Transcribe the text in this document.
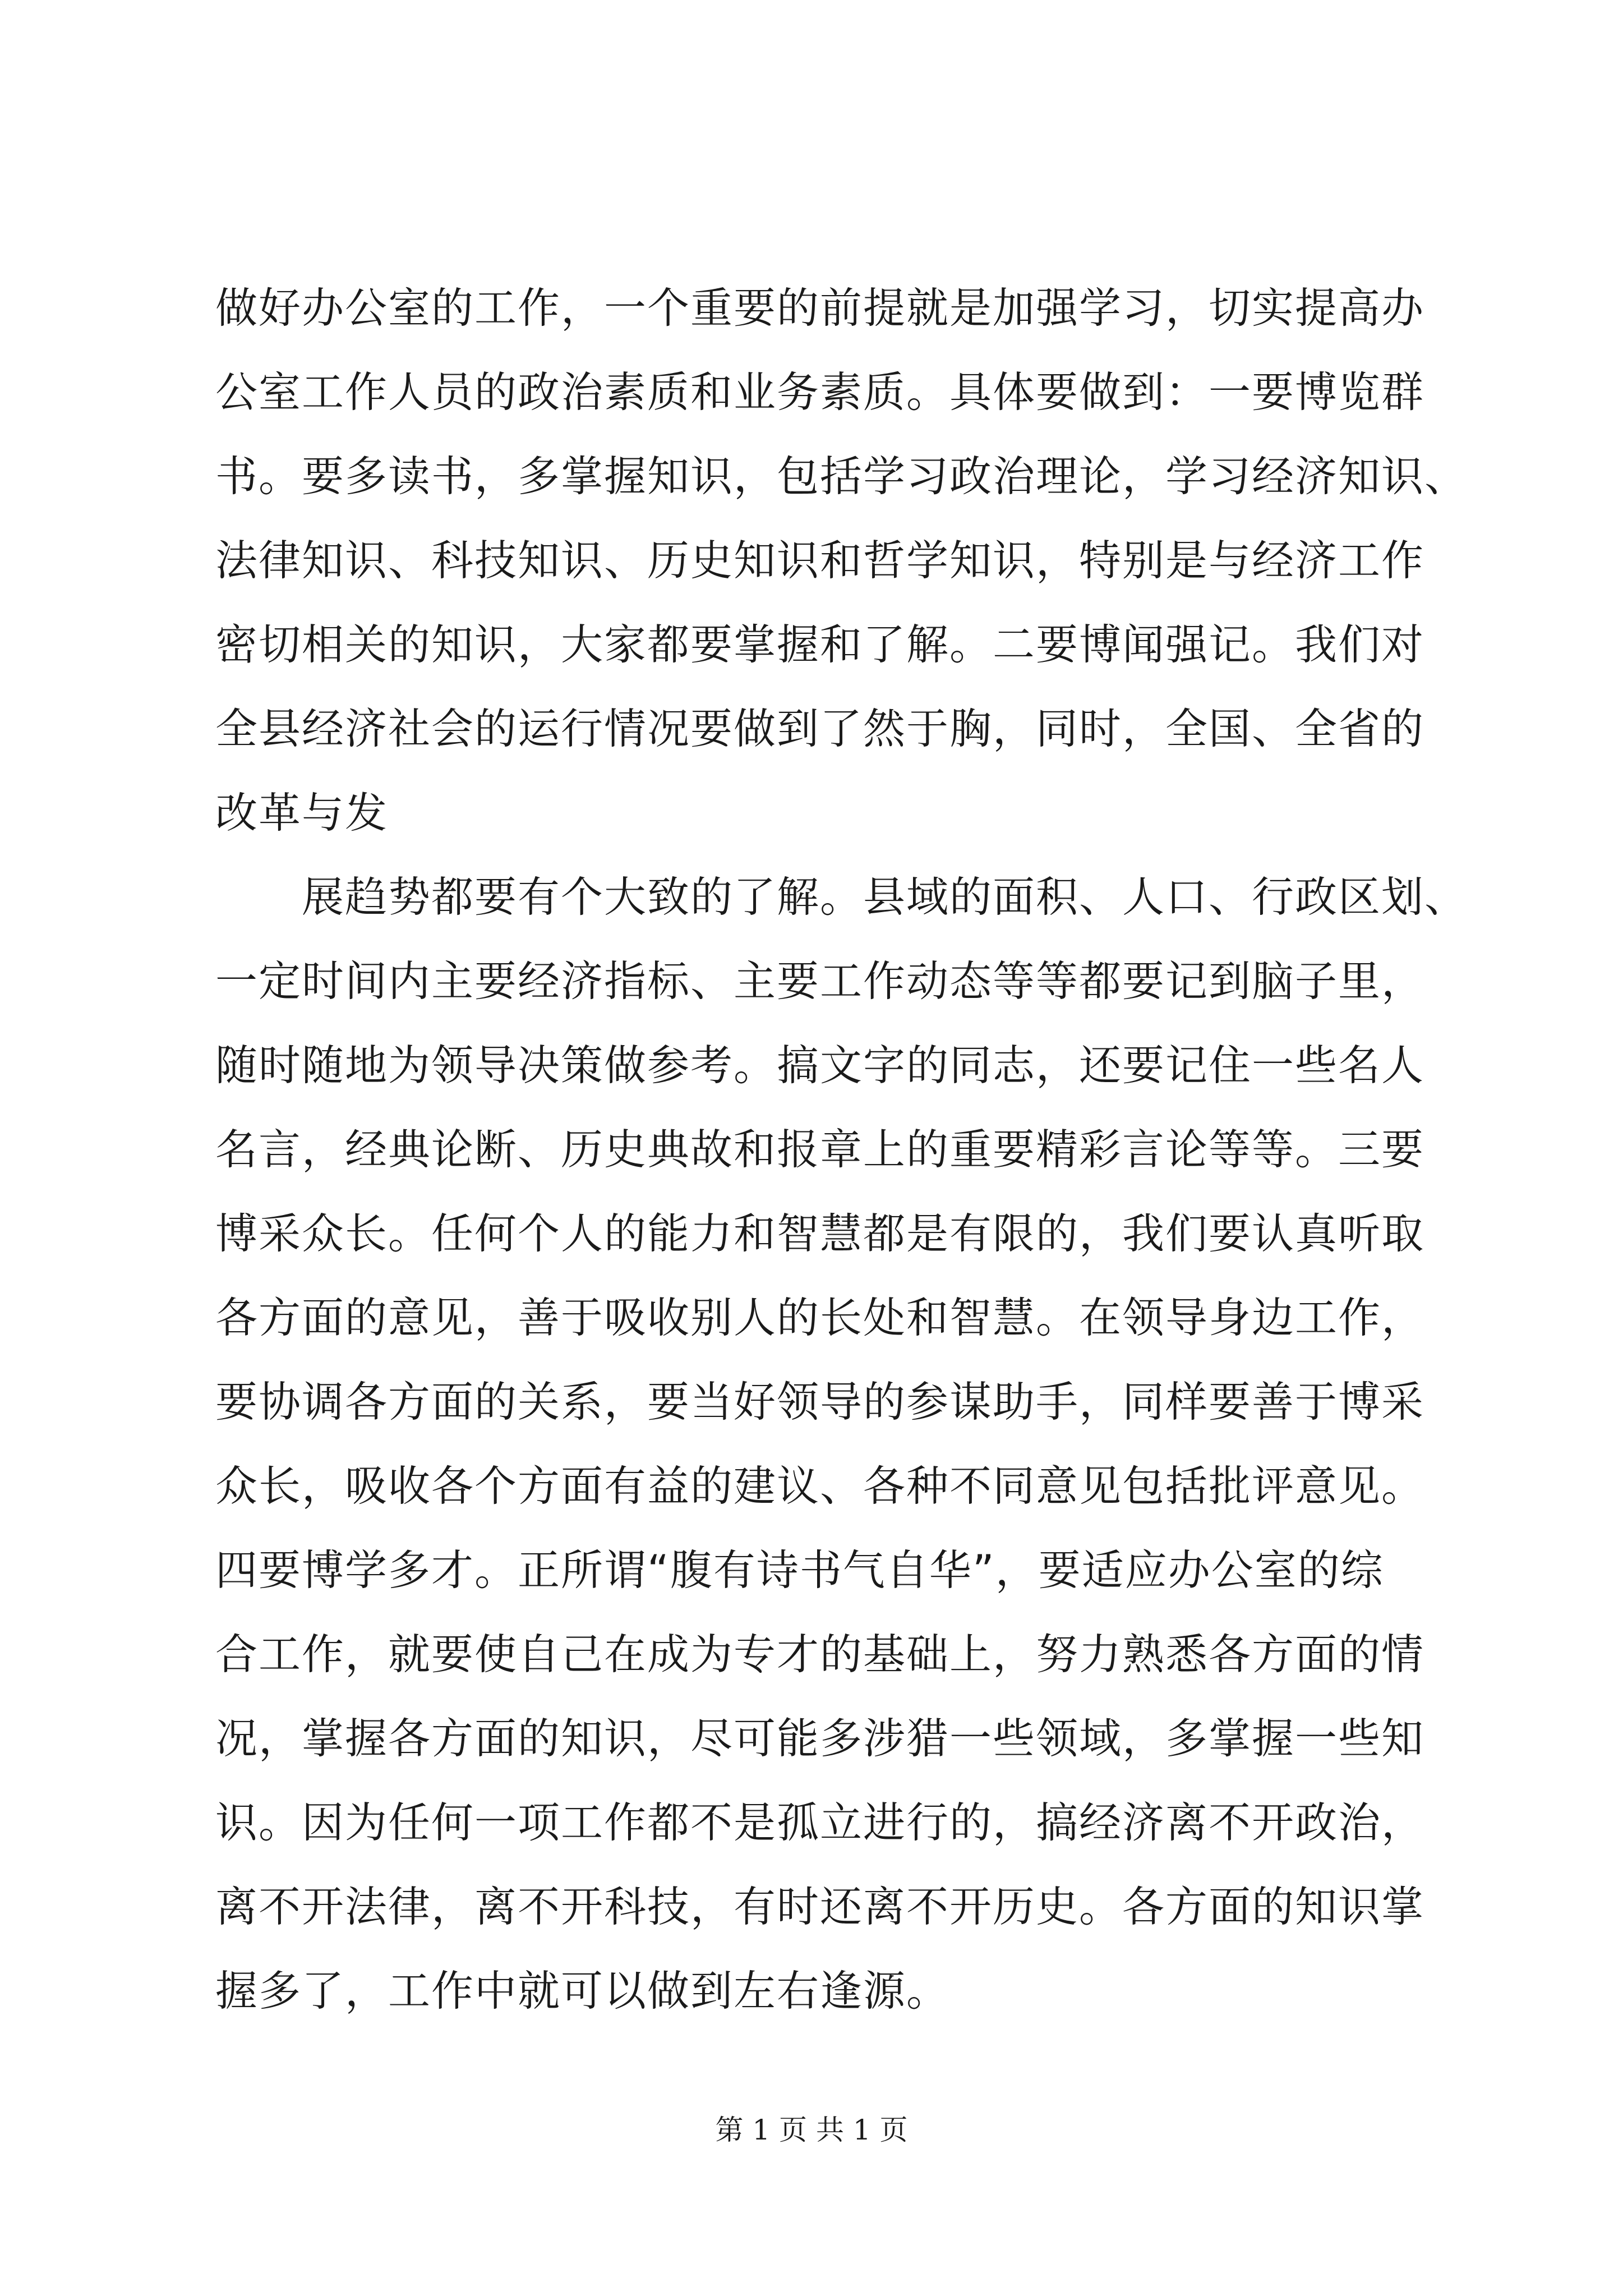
做好办公室的工作，一个重要的前提就是加强学习，切实提高办
公室工作人员的政治素质和业务素质。具体要做到：一要博览群
书。要多读书，多掌握知识，包括学习政治理论，学习经济知识、
法律知识、科技知识、历史知识和哲学知识，特别是与经济工作
密切相关的知识，大家都要掌握和了解。二要博闻强记。我们对
全县经济社会的运行情况要做到了然于胸，同时，全国、全省的
改革与发
　　展趋势都要有个大致的了解。县域的面积、人口、行政区划、
一定时间内主要经济指标、主要工作动态等等都要记到脑子里，
随时随地为领导决策做参考。搞文字的同志，还要记住一些名人
名言，经典论断、历史典故和报章上的重要精彩言论等等。三要
博采众长。任何个人的能力和智慧都是有限的，我们要认真听取
各方面的意见，善于吸收别人的长处和智慧。在领导身边工作，
要协调各方面的关系，要当好领导的参谋助手，同样要善于博采
众长，吸收各个方面有益的建议、各种不同意见包括批评意见。
四要博学多才。正所谓“腹有诗书气自华”，要适应办公室的综
合工作，就要使自己在成为专才的基础上，努力熟悉各方面的情
况，掌握各方面的知识，尽可能多涉猎一些领域，多掌握一些知
识。因为任何一项工作都不是孤立进行的，搞经济离不开政治，
离不开法律，离不开科技，有时还离不开历史。各方面的知识掌
握多了，工作中就可以做到左右逢源。
第 1 页 共 1 页
